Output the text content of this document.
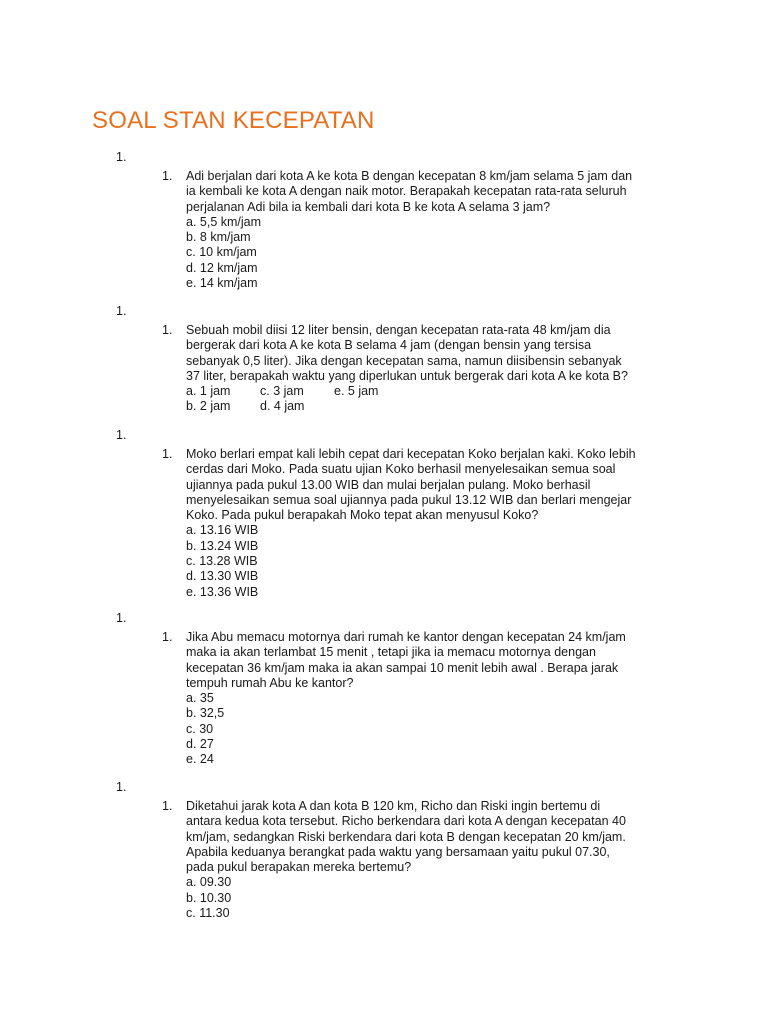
SOAL STAN KECEPATAN
1.
1. Adi berjalan dari kota A ke kota B dengan kecepatan 8 km/jam selama 5 jam dan
ia kembali ke kota A dengan naik motor. Berapakah kecepatan rata-rata seluruh
perjalanan Adi bila ia kembali dari kota B ke kota A selama 3 jam?
a. 5,5 km/jam
b. 8 km/jam
c. 10 km/jam
d. 12 km/jam
e. 14 km/jam
1.
1. Sebuah mobil diisi 12 liter bensin, dengan kecepatan rata-rata 48 km/jam dia
bergerak dari kota A ke kota B selama 4 jam (dengan bensin yang tersisa
sebanyak 0,5 liter). Jika dengan kecepatan sama, namun diisibensin sebanyak
37 liter, berapakah waktu yang diperlukan untuk bergerak dari kota A ke kota B?
a. 1 jam c. 3 jam e. 5 jam
b. 2 jam d. 4 jam
1.
1. Moko berlari empat kali lebih cepat dari kecepatan Koko berjalan kaki. Koko lebih
cerdas dari Moko. Pada suatu ujian Koko berhasil menyelesaikan semua soal
ujiannya pada pukul 13.00 WIB dan mulai berjalan pulang. Moko berhasil
menyelesaikan semua soal ujiannya pada pukul 13.12 WIB dan berlari mengejar
Koko. Pada pukul berapakah Moko tepat akan menyusul Koko?
a. 13.16 WIB
b. 13.24 WIB
c. 13.28 WIB
d. 13.30 WIB
e. 13.36 WIB
1.
1. Jika Abu memacu motornya dari rumah ke kantor dengan kecepatan 24 km/jam
maka ia akan terlambat 15 menit , tetapi jika ia memacu motornya dengan
kecepatan 36 km/jam maka ia akan sampai 10 menit lebih awal . Berapa jarak
tempuh rumah Abu ke kantor?
a. 35
b. 32,5
c. 30
d. 27
e. 24
1.
1. Diketahui jarak kota A dan kota B 120 km, Richo dan Riski ingin bertemu di
antara kedua kota tersebut. Richo berkendara dari kota A dengan kecepatan 40
km/jam, sedangkan Riski berkendara dari kota B dengan kecepatan 20 km/jam.
Apabila keduanya berangkat pada waktu yang bersamaan yaitu pukul 07.30,
pada pukul berapakan mereka bertemu?
a. 09.30
b. 10.30
c. 11.30
